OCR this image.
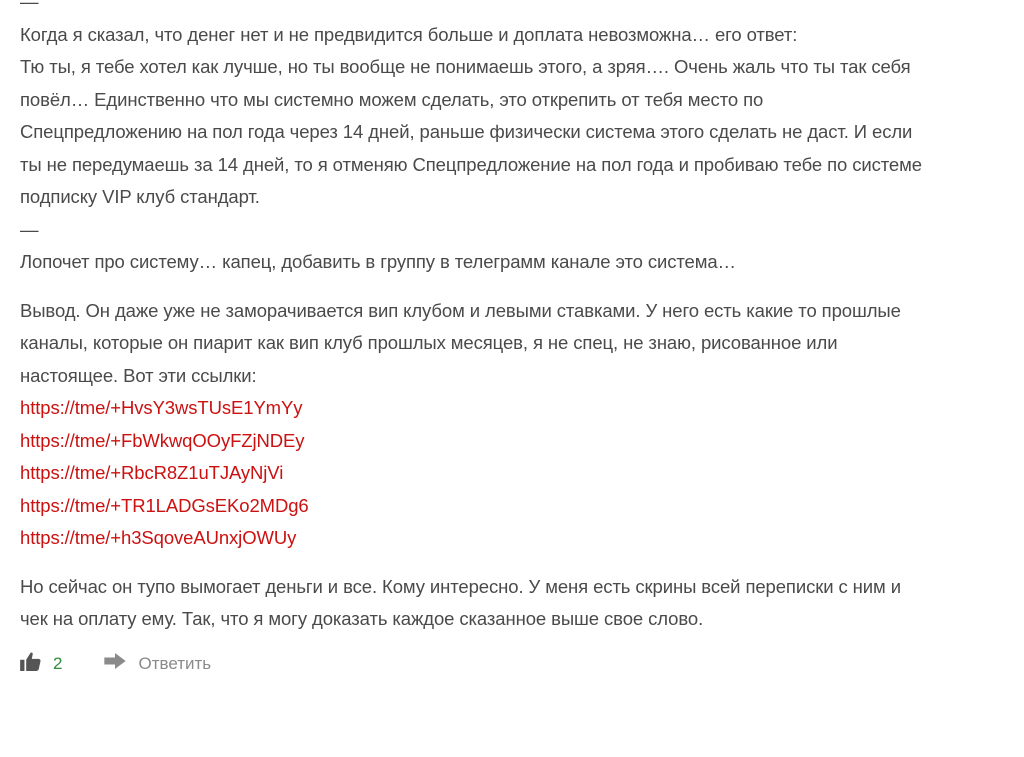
—
Когда я сказал, что денег нет и не предвидится больше и доплата невозможна… его ответ:
Тю ты, я тебе хотел как лучше, но ты вообще не понимаешь этого, а зряя…. Очень жаль что ты так себя
повёл… Единственно что мы системно можем сделать, это открепить от тебя место по
Спецпредложению на пол года через 14 дней, раньше физически система этого сделать не даст. И если
ты не передумаешь за 14 дней, то я отменяю Спецпредложение на пол года и пробиваю тебе по системе
подписку VIP клуб стандарт.
—
Лопочет про систему… капец, добавить в группу в телеграмм канале это система…
Вывод. Он даже уже не заморачивается вип клубом и левыми ставками. У него есть какие то прошлые
каналы, которые он пиарит как вип клуб прошлых месяцев, я не спец, не знаю, рисованное или
настоящее. Вот эти ссылки:
https://tme/+HvsY3wsTUsE1YmYy
https://tme/+FbWkwqOOyFZjNDEy
https://tme/+RbcR8Z1uTJAyNjVi
https://tme/+TR1LADGsEKo2MDg6
https://tme/+h3SqoveAUnxjOWUy
Но сейчас он тупо вымогает деньги и все. Кому интересно. У меня есть скрины всей переписки с ним и
чек на оплату ему. Так, что я могу доказать каждое сказанное выше свое слово.
2	Ответить
